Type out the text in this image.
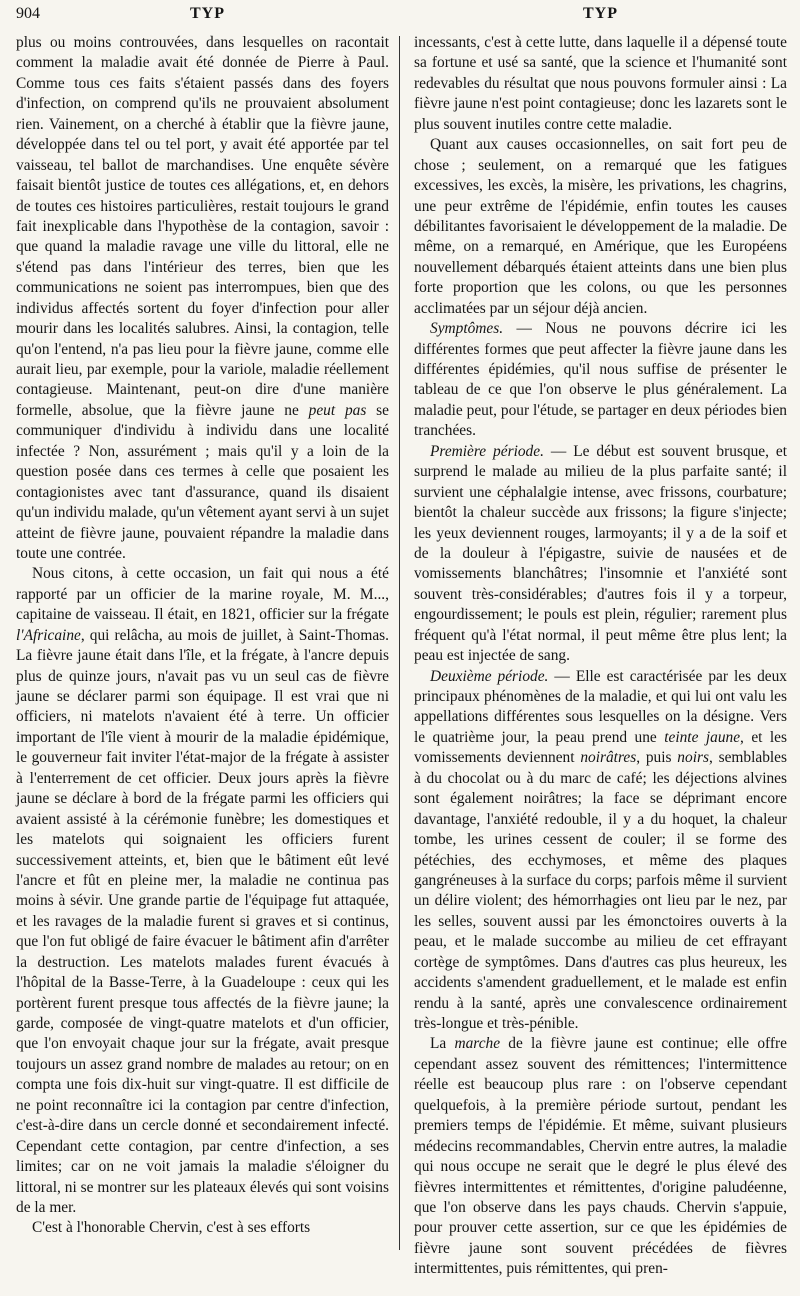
904	TYP	TYP

plus ou moins controuvées, dans lesquelles on racontait comment la maladie avait été donnée de Pierre à Paul. Comme tous ces faits s'étaient passés dans des foyers d'infection, on comprend qu'ils ne prouvaient absolument rien. Vainement, on a cherché à établir que la fièvre jaune, développée dans tel ou tel port, y avait été apportée par tel vaisseau, tel ballot de marchandises. Une enquête sévère faisait bientôt justice de toutes ces allégations, et, en dehors de toutes ces histoires particulières, restait toujours le grand fait inexplicable dans l'hypothèse de la contagion, savoir : que quand la maladie ravage une ville du littoral, elle ne s'étend pas dans l'intérieur des terres, bien que les communications ne soient pas interrompues, bien que des individus affectés sortent du foyer d'infection pour aller mourir dans les localités salubres. Ainsi, la contagion, telle qu'on l'entend, n'a pas lieu pour la fièvre jaune, comme elle aurait lieu, par exemple, pour la variole, maladie réellement contagieuse. Maintenant, peut-on dire d'une manière formelle, absolue, que la fièvre jaune ne peut pas se communiquer d'individu à individu dans une localité infectée ? Non, assurément ; mais qu'il y a loin de la question posée dans ces termes à celle que posaient les contagionistes avec tant d'assurance, quand ils disaient qu'un individu malade, qu'un vêtement ayant servi à un sujet atteint de fièvre jaune, pouvaient répandre la maladie dans toute une contrée.

Nous citons, à cette occasion, un fait qui nous a été rapporté par un officier de la marine royale, M. M..., capitaine de vaisseau. Il était, en 1821, officier sur la frégate l'Africaine, qui relâcha, au mois de juillet, à Saint-Thomas. La fièvre jaune était dans l'île, et la frégate, à l'ancre depuis plus de quinze jours, n'avait pas vu un seul cas de fièvre jaune se déclarer parmi son équipage. Il est vrai que ni officiers, ni matelots n'avaient été à terre. Un officier important de l'île vient à mourir de la maladie épidémique, le gouverneur fait inviter l'état-major de la frégate à assister à l'enterrement de cet officier. Deux jours après la fièvre jaune se déclare à bord de la frégate parmi les officiers qui avaient assisté à la cérémonie funèbre; les domestiques et les matelots qui soignaient les officiers furent successivement atteints, et, bien que le bâtiment eût levé l'ancre et fût en pleine mer, la maladie ne continua pas moins à sévir. Une grande partie de l'équipage fut attaquée, et les ravages de la maladie furent si graves et si continus, que l'on fut obligé de faire évacuer le bâtiment afin d'arrêter la destruction. Les matelots malades furent évacués à l'hôpital de la Basse-Terre, à la Guadeloupe : ceux qui les portèrent furent presque tous affectés de la fièvre jaune; la garde, composée de vingt-quatre matelots et d'un officier, que l'on envoyait chaque jour sur la frégate, avait presque toujours un assez grand nombre de malades au retour; on en compta une fois dix-huit sur vingt-quatre. Il est difficile de ne point reconnaître ici la contagion par centre d'infection, c'est-à-dire dans un cercle donné et secondairement infecté. Cependant cette contagion, par centre d'infection, a ses limites; car on ne voit jamais la maladie s'éloigner du littoral, ni se montrer sur les plateaux élevés qui sont voisins de la mer.

C'est à l'honorable Chervin, c'est à ses efforts

incessants, c'est à cette lutte, dans laquelle il a dépensé toute sa fortune et usé sa santé, que la science et l'humanité sont redevables du résultat que nous pouvons formuler ainsi : La fièvre jaune n'est point contagieuse; donc les lazarets sont le plus souvent inutiles contre cette maladie.

Quant aux causes occasionnelles, on sait fort peu de chose ; seulement, on a remarqué que les fatigues excessives, les excès, la misère, les privations, les chagrins, une peur extrême de l'épidémie, enfin toutes les causes débilitantes favorisaient le développement de la maladie. De même, on a remarqué, en Amérique, que les Européens nouvellement débarqués étaient atteints dans une bien plus forte proportion que les colons, ou que les personnes acclimatées par un séjour déjà ancien.

Symptômes. — Nous ne pouvons décrire ici les différentes formes que peut affecter la fièvre jaune dans les différentes épidémies, qu'il nous suffise de présenter le tableau de ce que l'on observe le plus généralement. La maladie peut, pour l'étude, se partager en deux périodes bien tranchées.

Première période. — Le début est souvent brusque, et surprend le malade au milieu de la plus parfaite santé; il survient une céphalalgie intense, avec frissons, courbature; bientôt la chaleur succède aux frissons; la figure s'injecte; les yeux deviennent rouges, larmoyants; il y a de la soif et de la douleur à l'épigastre, suivie de nausées et de vomissements blanchâtres; l'insomnie et l'anxiété sont souvent très-considérables; d'autres fois il y a torpeur, engourdissement; le pouls est plein, régulier; rarement plus fréquent qu'à l'état normal, il peut même être plus lent; la peau est injectée de sang.

Deuxième période. — Elle est caractérisée par les deux principaux phénomènes de la maladie, et qui lui ont valu les appellations différentes sous lesquelles on la désigne. Vers le quatrième jour, la peau prend une teinte jaune, et les vomissements deviennent noirâtres, puis noirs, semblables à du chocolat ou à du marc de café; les déjections alvines sont également noirâtres; la face se déprimant encore davantage, l'anxiété redouble, il y a du hoquet, la chaleur tombe, les urines cessent de couler; il se forme des pétéchies, des ecchymoses, et même des plaques gangréneuses à la surface du corps; parfois même il survient un délire violent; des hémorrhagies ont lieu par le nez, par les selles, souvent aussi par les émonctoires ouverts à la peau, et le malade succombe au milieu de cet effrayant cortège de symptômes. Dans d'autres cas plus heureux, les accidents s'amendent graduellement, et le malade est enfin rendu à la santé, après une convalescence ordinairement très-longue et très-pénible.

La marche de la fièvre jaune est continue; elle offre cependant assez souvent des rémittences; l'intermittence réelle est beaucoup plus rare : on l'observe cependant quelquefois, à la première période surtout, pendant les premiers temps de l'épidémie. Et même, suivant plusieurs médecins recommandables, Chervin entre autres, la maladie qui nous occupe ne serait que le degré le plus élevé des fièvres intermittentes et rémittentes, d'origine paludéenne, que l'on observe dans les pays chauds. Chervin s'appuie, pour prouver cette assertion, sur ce que les épidémies de fièvre jaune sont souvent précédées de fièvres intermittentes, puis rémittentes, qui pren-
